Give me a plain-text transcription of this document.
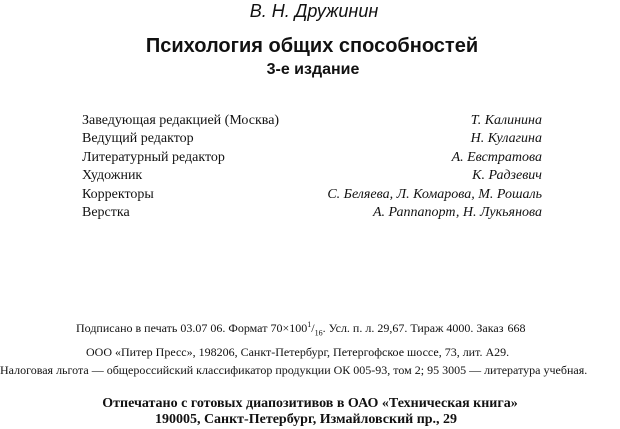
В. Н. Дружинин
Психология общих способностей
3-е издание
Заведующая редакцией (Москва)	Т. Калинина
Ведущий редактор	Н. Кулагина
Литературный редактор	А. Евстратова
Художник	К. Радзевич
Корректоры	С. Беляева, Л. Комарова, М. Рошаль
Верстка	А. Раппапорт, Н. Лукьянова
Подписано в печать 03.07 06. Формат $70\times 100^1/_{16}$. Усл. п. л. 29,67. Тираж 4000. Заказ 668
ООО «Питер Пресс», 198206, Санкт-Петербург, Петергофское шоссе, 73, лит. А29.
Налоговая льгота — общероссийский классификатор продукции ОК 005-93, том 2; 95 3005 — литература учебная.
Отпечатано с готовых диапозитивов в ОАО «Техническая книга»
190005, Санкт-Петербург, Измайловский пр., 29
